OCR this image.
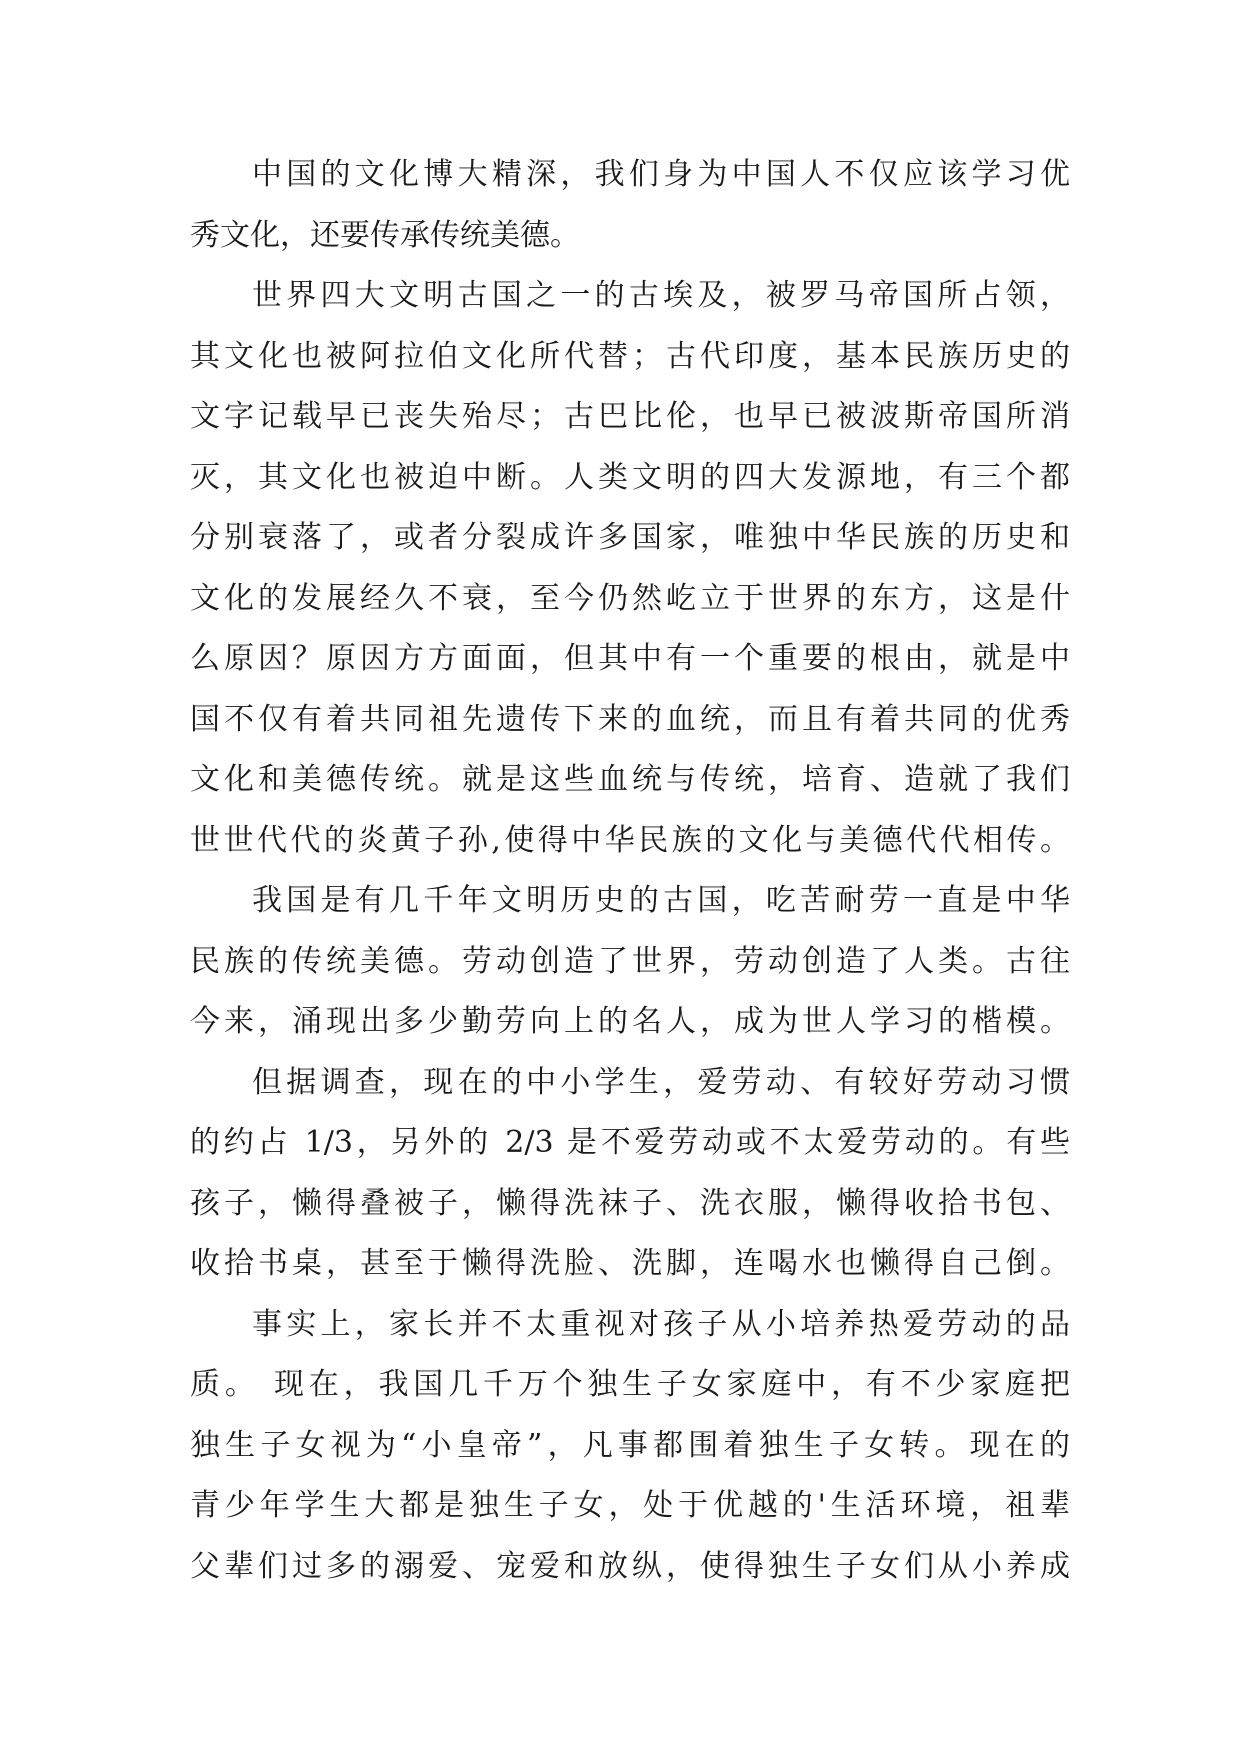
中国的文化博大精深，我们身为中国人不仅应该学习优
秀文化，还要传承传统美德。
世界四大文明古国之一的古埃及，被罗马帝国所占领，
其文化也被阿拉伯文化所代替；古代印度，基本民族历史的
文字记载早已丧失殆尽；古巴比伦，也早已被波斯帝国所消
灭，其文化也被迫中断。人类文明的四大发源地，有三个都
分别衰落了，或者分裂成许多国家，唯独中华民族的历史和
文化的发展经久不衰，至今仍然屹立于世界的东方，这是什
么原因？原因方方面面，但其中有一个重要的根由，就是中
国不仅有着共同祖先遗传下来的血统，而且有着共同的优秀
文化和美德传统。就是这些血统与传统，培育、造就了我们
世世代代的炎黄子孙,使得中华民族的文化与美德代代相传。
我国是有几千年文明历史的古国，吃苦耐劳一直是中华
民族的传统美德。劳动创造了世界，劳动创造了人类。古往
今来，涌现出多少勤劳向上的名人，成为世人学习的楷模。
但据调查，现在的中小学生，爱劳动、有较好劳动习惯
的约占 1/3，另外的 2/3 是不爱劳动或不太爱劳动的。有些
孩子，懒得叠被子，懒得洗袜子、洗衣服，懒得收拾书包、
收拾书桌，甚至于懒得洗脸、洗脚，连喝水也懒得自己倒。
事实上，家长并不太重视对孩子从小培养热爱劳动的品
质。 现在，我国几千万个独生子女家庭中，有不少家庭把
独生子女视为“小皇帝”，凡事都围着独生子女转。现在的
青少年学生大都是独生子女，处于优越的'生活环境，祖辈
父辈们过多的溺爱、宠爱和放纵，使得独生子女们从小养成
